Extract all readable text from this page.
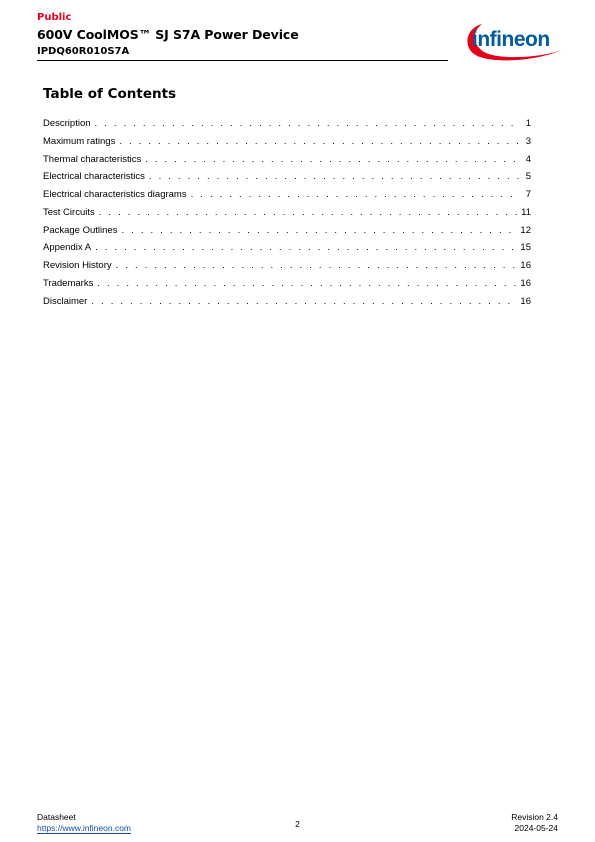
Public
600V CoolMOS™ SJ S7A Power Device
IPDQ60R010S7A
infineon
Table of Contents
Description . . .	1
Maximum ratings . . .	3
Thermal characteristics . . .	4
Electrical characteristics . . .	5
Electrical characteristics diagrams . . .	7
Test Circuits . . .	11
Package Outlines . . .	12
Appendix A . . .	15
Revision History . . .	16
Trademarks . . .	16
Disclaimer . . .	16
Datasheet
https://www.infineon.com	2
Revision 2.4
2024-05-24
